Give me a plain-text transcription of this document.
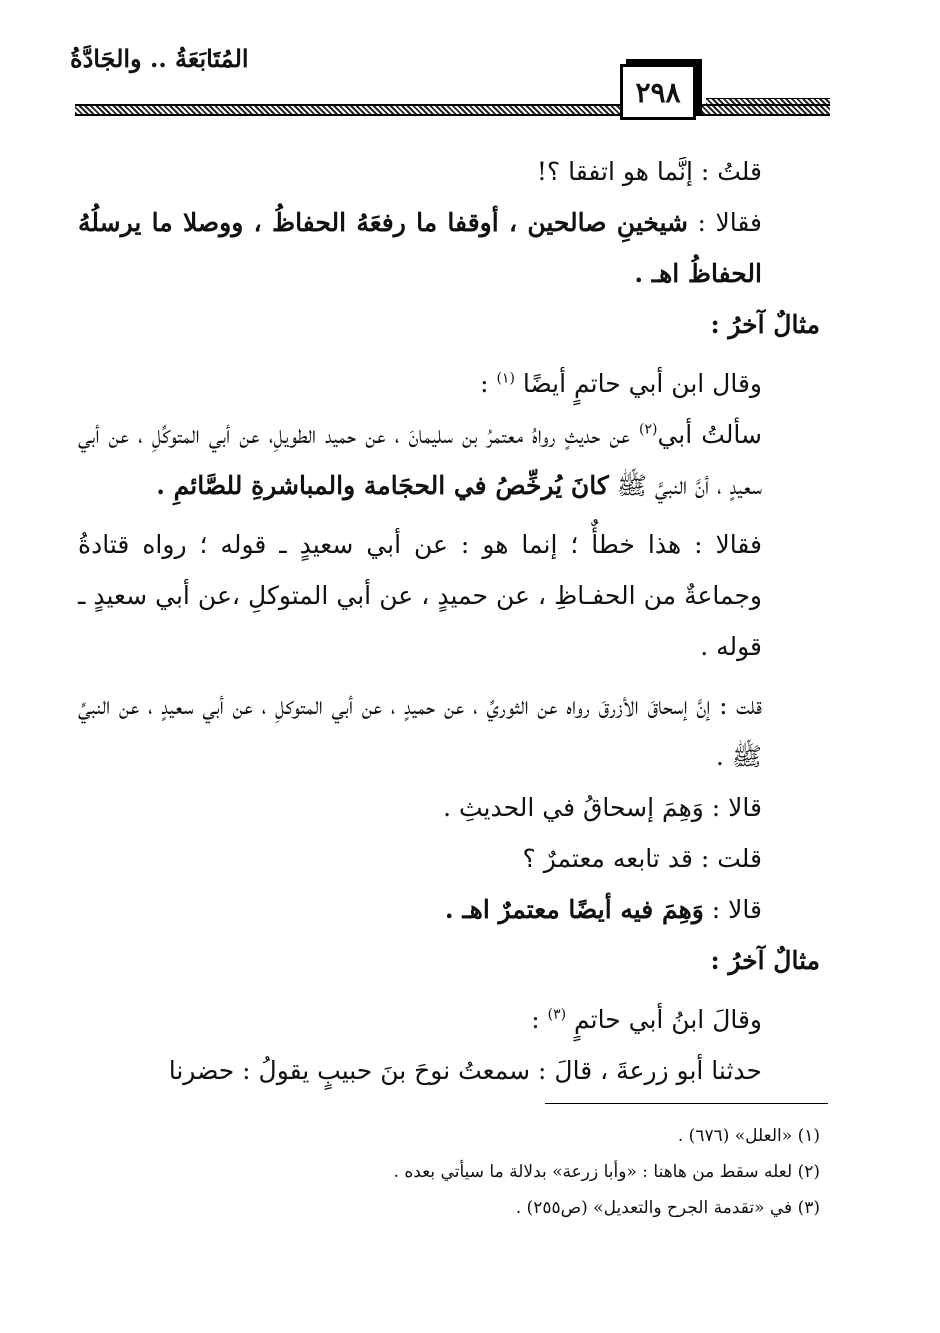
المُتَابَعَةُ .. والجَادَّةُ
٢٩٨

قلتُ : إنَّما هو اتفقا ؟!

فقالا : شيخينِ صالحين ، أوقفا ما رفعَهُ الحفاظُ ، ووصلا ما يرسلُهُ الحفاظُ اهـ .

مثالٌ آخرُ :

وقال ابن أبي حاتمٍ أيضًا $^{(١)}$ :

سألتُ أبي$^{(٢)}$ عن حديثٍ رواهُ معتمرُ بن سليمانَ ، عن حميد الطويلِ، عن أبي المتوكِّلِ ، عن أبي سعيدٍ ، أنَّ النبيَّ ﷺ كانَ يُرخِّصُ في الحجَامة والمباشرةِ للصَّائمِ .

فقالا : هذا خطأٌ ؛ إنما هو : عن أبي سعيدٍ ـ قوله ؛ رواه قتادةُ وجماعةٌ من الحفـاظِ ، عن حميدٍ ، عن أبي المتوكلِ ،عن أبي سعيدٍ ـ قوله .

قلت : إنَّ إسحاقَ الأزرقَ رواه عن الثوريِّ ، عن حميدٍ ، عن أبي المتوكلِ ، عن أبي سعيدٍ ، عن النبيِّ ﷺ .

قالا : وَهِمَ إسحاقُ في الحديثِ .

قلت : قد تابعه معتمرٌ ؟

قالا : وَهِمَ فيه أيضًا معتمرٌ اهـ .

مثالٌ آخرُ :

وقالَ ابنُ أبي حاتمٍ $^{(٣)}$ :

حدثنا أبو زرعةَ ، قالَ : سمعتُ نوحَ بنَ حبيبٍ يقولُ : حضرنا

(١) «العلل» (٦٧٦) .

(٢) لعله سقط من هاهنا : «وأبا زرعة» بدلالة ما سيأتي بعده .

(٣) في «تقدمة الجرح والتعديل» (ص٢٥٥) .
